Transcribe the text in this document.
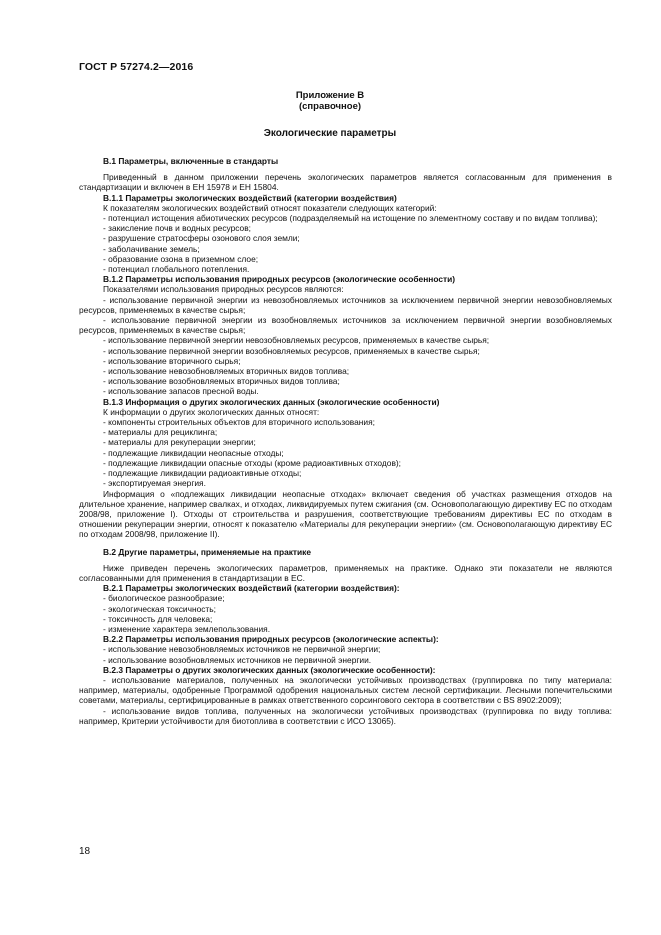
ГОСТ Р 57274.2—2016
Приложение В
(справочное)
Экологические параметры

В.1 Параметры, включенные в стандарты

Приведенный в данном приложении перечень экологических параметров является согласованным для применения в стандартизации и включен в ЕН 15978 и ЕН 15804.

В.1.1 Параметры экологических воздействий (категории воздействия)

К показателям экологических воздействий относят показатели следующих категорий:

- потенциал истощения абиотических ресурсов (подразделяемый на истощение по элементному составу и по видам топлива);

- закисление почв и водных ресурсов;

- разрушение стратосферы озонового слоя земли;

- заболачивание земель;

- образование озона в приземном слое;

- потенциал глобального потепления.

В.1.2 Параметры использования природных ресурсов (экологические особенности)

Показателями использования природных ресурсов являются:

- использование первичной энергии из невозобновляемых источников за исключением первичной энергии невозобновляемых ресурсов, применяемых в качестве сырья;

- использование первичной энергии из возобновляемых источников за исключением первичной энергии возобновляемых ресурсов, применяемых в качестве сырья;

- использование первичной энергии невозобновляемых ресурсов, применяемых в качестве сырья;

- использование первичной энергии возобновляемых ресурсов, применяемых в качестве сырья;

- использование вторичного сырья;

- использование невозобновляемых вторичных видов топлива;

- использование возобновляемых вторичных видов топлива;

- использование запасов пресной воды.

В.1.3 Информация о других экологических данных (экологические особенности)

К информации о других экологических данных относят:

- компоненты строительных объектов для вторичного использования;

- материалы для рециклинга;

- материалы для рекуперации энергии;

- подлежащие ликвидации неопасные отходы;

- подлежащие ликвидации опасные отходы (кроме радиоактивных отходов);

- подлежащие ликвидации радиоактивные отходы;

- экспортируемая энергия.

Информация о «подлежащих ликвидации неопасные отходах» включает сведения об участках размещения отходов на длительное хранение, например свалках, и отходах, ликвидируемых путем сжигания (см. Основополагающую директиву ЕС по отходам 2008/98, приложение I). Отходы от строительства и разрушения, соответствующие требованиям директивы ЕС по отходам в отношении рекуперации энергии, относят к показателю «Материалы для рекуперации энергии» (см. Основополагающую директиву ЕС по отходам 2008/98, приложение II).

В.2 Другие параметры, применяемые на практике

Ниже приведен перечень экологических параметров, применяемых на практике. Однако эти показатели не являются согласованными для применения в стандартизации в ЕС.

В.2.1 Параметры экологических воздействий (категории воздействия):

- биологическое разнообразие;

- экологическая токсичность;

- токсичность для человека;

- изменение характера землепользования.

В.2.2 Параметры использования природных ресурсов (экологические аспекты):

- использование невозобновляемых источников не первичной энергии;

- использование возобновляемых источников не первичной энергии.

В.2.3 Параметры о других экологических данных (экологические особенности):

- использование материалов, полученных на экологически устойчивых производствах (группировка по типу материала: например, материалы, одобренные Программой одобрения национальных систем лесной сертификации. Лесными попечительскими советами, материалы, сертифицированные в рамках ответственного сорсингового сектора в соответствии с BS 8902:2009);

- использование видов топлива, полученных на экологически устойчивых производствах (группировка по виду топлива: например, Критерии устойчивости для биотоплива в соответствии с ИСО 13065).

18
